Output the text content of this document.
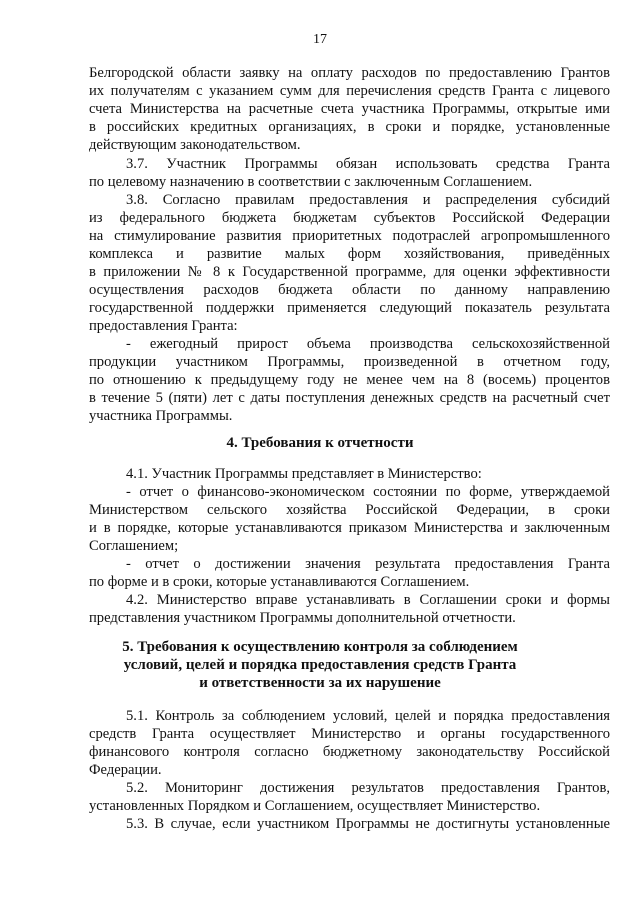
17
Белгородской области заявку на оплату расходов по предоставлению Грантов
их получателям с указанием сумм для перечисления средств Гранта с лицевого
счета Министерства на расчетные счета участника Программы, открытые ими
в российских кредитных организациях, в сроки и порядке, установленные
действующим законодательством.
3.7. Участник Программы обязан использовать средства Гранта
по целевому назначению в соответствии с заключенным Соглашением.
3.8. Согласно правилам предоставления и распределения субсидий
из федерального бюджета бюджетам субъектов Российской Федерации
на стимулирование развития приоритетных подотраслей агропромышленного
комплекса и развитие малых форм хозяйствования, приведённых
в приложении № 8 к Государственной программе, для оценки эффективности
осуществления расходов бюджета области по данному направлению
государственной поддержки применяется следующий показатель результата
предоставления Гранта:
- ежегодный прирост объема производства сельскохозяйственной
продукции участником Программы, произведенной в отчетном году,
по отношению к предыдущему году не менее чем на 8 (восемь) процентов
в течение 5 (пяти) лет с даты поступления денежных средств на расчетный счет
участника Программы.
4. Требования к отчетности
4.1. Участник Программы представляет в Министерство:
- отчет о финансово-экономическом состоянии по форме, утверждаемой
Министерством сельского хозяйства Российской Федерации, в сроки
и в порядке, которые устанавливаются приказом Министерства и заключенным
Соглашением;
- отчет о достижении значения результата предоставления Гранта
по форме и в сроки, которые устанавливаются Соглашением.
4.2. Министерство вправе устанавливать в Соглашении сроки и формы
представления участником Программы дополнительной отчетности.
5. Требования к осуществлению контроля за соблюдением
условий, целей и порядка предоставления средств Гранта
и ответственности за их нарушение
5.1. Контроль за соблюдением условий, целей и порядка предоставления
средств Гранта осуществляет Министерство и органы государственного
финансового контроля согласно бюджетному законодательству Российской
Федерации.
5.2. Мониторинг достижения результатов предоставления Грантов,
установленных Порядком и Соглашением, осуществляет Министерство.
5.3. В случае, если участником Программы не достигнуты установленные
